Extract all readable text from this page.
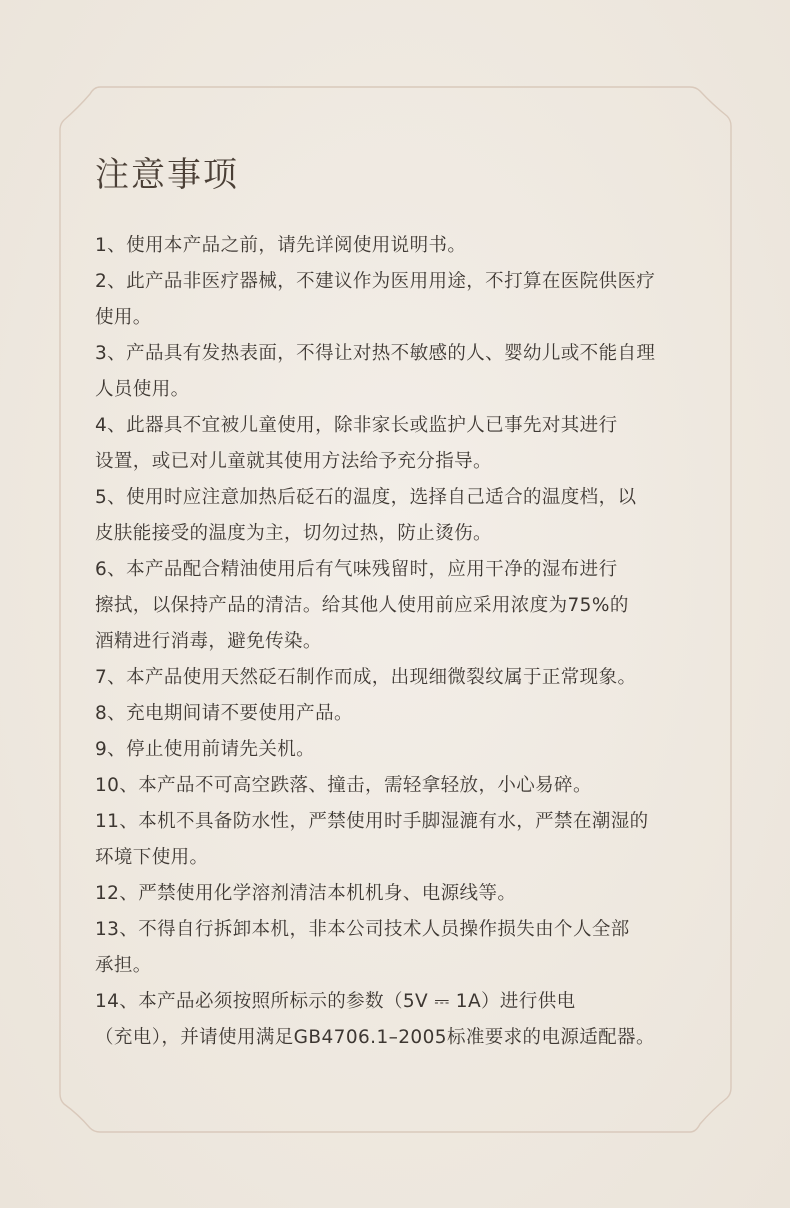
注意事项
1、使用本产品之前，请先详阅使用说明书。
2、此产品非医疗器械，不建议作为医用用途，不打算在医院供医疗
使用。
3、产品具有发热表面，不得让对热不敏感的人、婴幼儿或不能自理
人员使用。
4、此器具不宜被儿童使用，除非家长或监护人已事先对其进行
设置，或已对儿童就其使用方法给予充分指导。
5、使用时应注意加热后砭石的温度，选择自己适合的温度档，以
皮肤能接受的温度为主，切勿过热，防止烫伤。
6、本产品配合精油使用后有气味残留时，应用干净的湿布进行
擦拭，以保持产品的清洁。给其他人使用前应采用浓度为75%的
酒精进行消毒，避免传染。
7、本产品使用天然砭石制作而成，出现细微裂纹属于正常现象。
8、充电期间请不要使用产品。
9、停止使用前请先关机。
10、本产品不可高空跌落、撞击，需轻拿轻放，小心易碎。
11、本机不具备防水性，严禁使用时手脚湿漉有水，严禁在潮湿的
环境下使用。
12、严禁使用化学溶剂清洁本机机身、电源线等。
13、不得自行拆卸本机，非本公司技术人员操作损失由个人全部
承担。
14、本产品必须按照所标示的参数（5V ⎓ 1A）进行供电
（充电），并请使用满足GB4706.1–2005标准要求的电源适配器。
